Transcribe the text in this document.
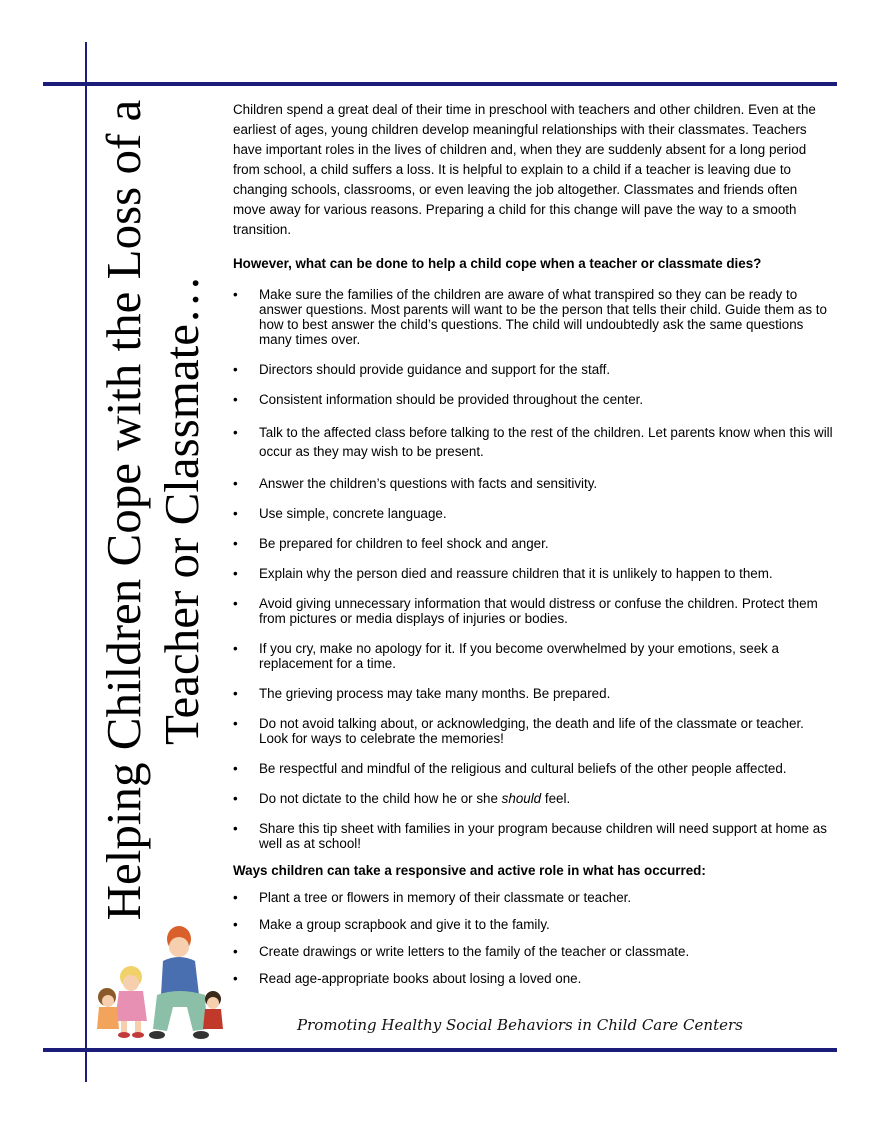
Helping Children Cope with the Loss of a Teacher or Classmate…

Children spend a great deal of their time in preschool with teachers and other children. Even at the earliest of ages, young children develop meaningful relationships with their classmates. Teachers have important roles in the lives of children and, when they are suddenly absent for a long period from school, a child suffers a loss. It is helpful to explain to a child if a teacher is leaving due to changing schools, classrooms, or even leaving the job altogether. Classmates and friends often move away for various reasons. Preparing a child for this change will pave the way to a smooth transition.

However, what can be done to help a child cope when a teacher or classmate dies?
• Make sure the families of the children are aware of what transpired so they can be ready to answer questions. Most parents will want to be the person that tells their child. Guide them as to how to best answer the child’s questions. The child will undoubtedly ask the same questions many times over.
• Directors should provide guidance and support for the staff.
• Consistent information should be provided throughout the center.
• Talk to the affected class before talking to the rest of the children. Let parents know when this will occur as they may wish to be present.
• Answer the children’s questions with facts and sensitivity.
• Use simple, concrete language.
• Be prepared for children to feel shock and anger.
• Explain why the person died and reassure children that it is unlikely to happen to them.
• Avoid giving unnecessary information that would distress or confuse the children. Protect them from pictures or media displays of injuries or bodies.
• If you cry, make no apology for it. If you become overwhelmed by your emotions, seek a replacement for a time.
• The grieving process may take many months. Be prepared.
• Do not avoid talking about, or acknowledging, the death and life of the classmate or teacher. Look for ways to celebrate the memories!
• Be respectful and mindful of the religious and cultural beliefs of the other people affected.
• Do not dictate to the child how he or she should feel.
• Share this tip sheet with families in your program because children will need support at home as well as at school!
Ways children can take a responsive and active role in what has occurred:
• Plant a tree or flowers in memory of their classmate or teacher.
• Make a group scrapbook and give it to the family.
• Create drawings or write letters to the family of the teacher or classmate.
• Read age-appropriate books about losing a loved one.
Promoting Healthy Social Behaviors in Child Care Centers
